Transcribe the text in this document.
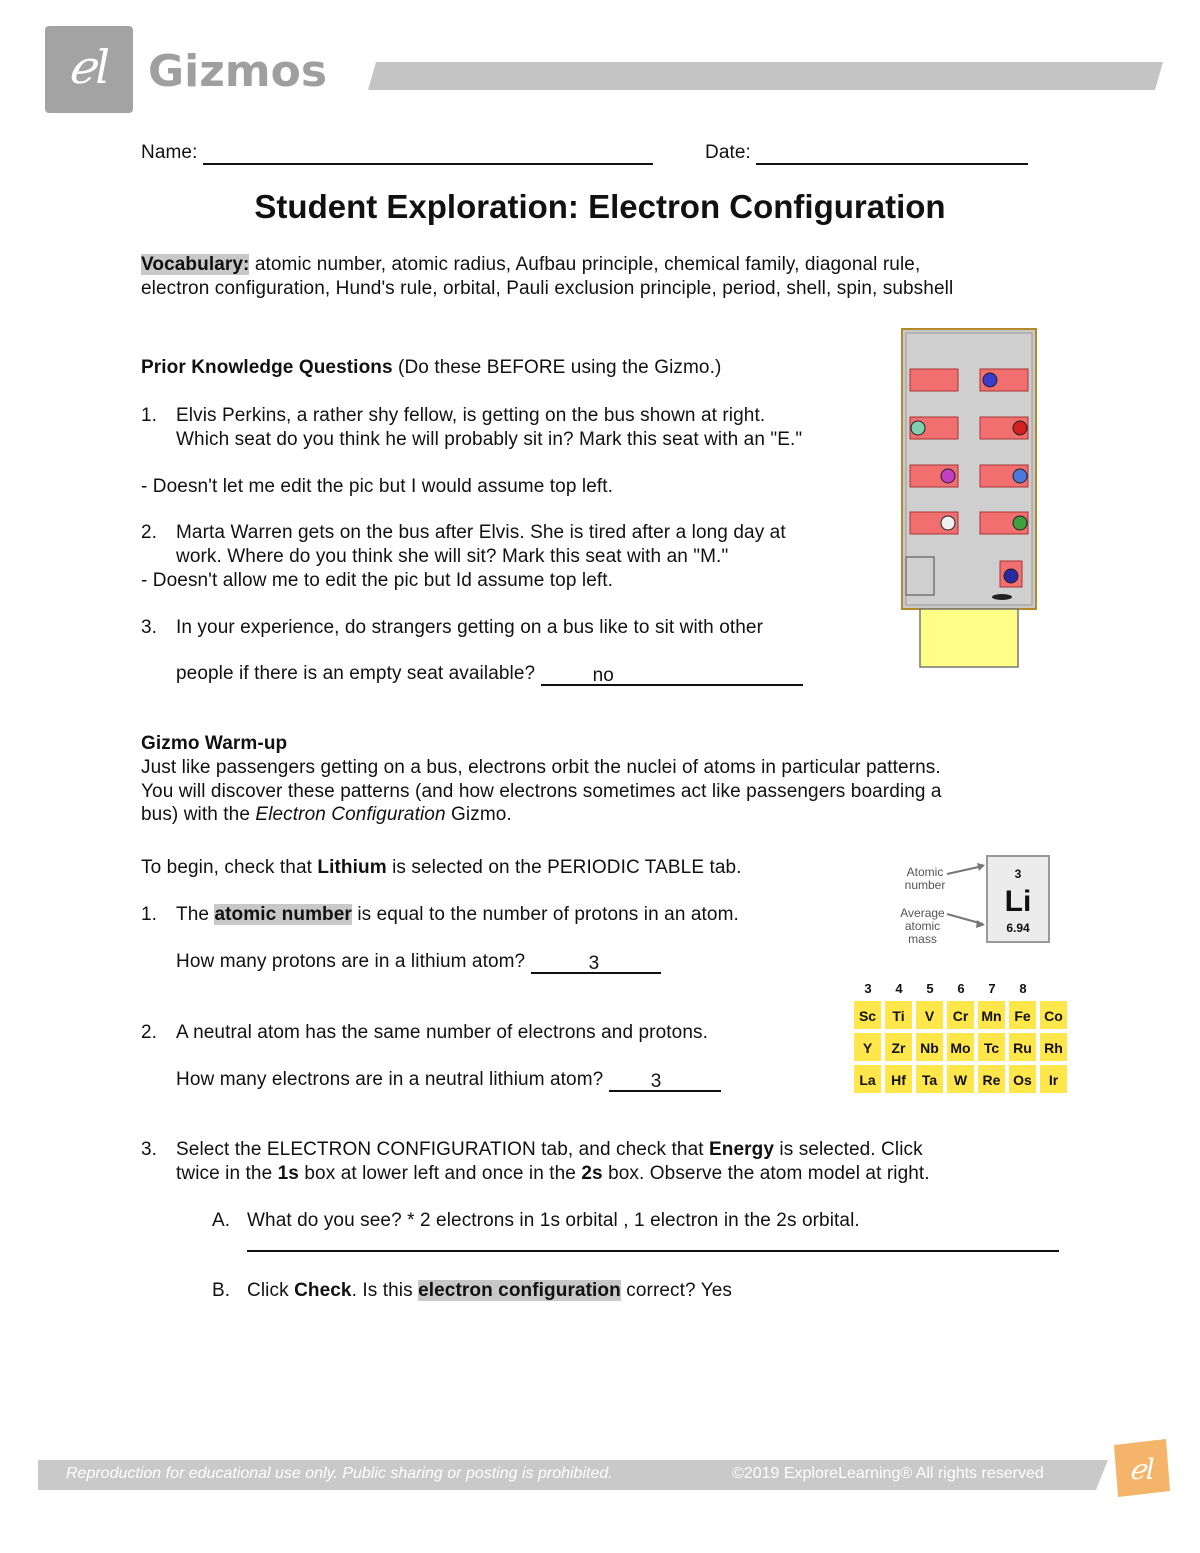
ℯl Gizmos
Name:	Date:
Student Exploration: Electron Configuration
Vocabulary: atomic number, atomic radius, Aufbau principle, chemical family, diagonal rule,
electron configuration, Hund's rule, orbital, Pauli exclusion principle, period, shell, spin, subshell
Prior Knowledge Questions (Do these BEFORE using the Gizmo.)
1. Elvis Perkins, a rather shy fellow, is getting on the bus shown at right.
Which seat do you think he will probably sit in? Mark this seat with an "E."
- Doesn't let me edit the pic but I would assume top left.
2. Marta Warren gets on the bus after Elvis. She is tired after a long day at
work. Where do you think she will sit? Mark this seat with an "M."
- Doesn't allow me to edit the pic but Id assume top left.
3. In your experience, do strangers getting on a bus like to sit with other
people if there is an empty seat available?	no
Gizmo Warm-up
Just like passengers getting on a bus, electrons orbit the nuclei of atoms in particular patterns.
You will discover these patterns (and how electrons sometimes act like passengers boarding a
bus) with the Electron Configuration Gizmo.
To begin, check that Lithium is selected on the PERIODIC TABLE tab.
1. The atomic number is equal to the number of protons in an atom.
How many protons are in a lithium atom?	3
2. A neutral atom has the same number of electrons and protons.
How many electrons are in a neutral lithium atom? 3
3. Select the ELECTRON CONFIGURATION tab, and check that Energy is selected. Click
twice in the 1s box at lower left and once in the 2s box. Observe the atom model at right.
A. What do you see? * 2 electrons in 1s orbital , 1 electron in the 2s orbital.
B. Click Check. Is this electron configuration correct? Yes
Atomic number
Average atomic mass
3
Li
6.94
3	4	5	6	7	8
Sc	Ti	V	Cr Mn Fe Co
Y	Zr	Nb Mo Tc	Ru Rh
La	Hf	Ta	W	Re Os	Ir
Reproduction for educational use only. Public sharing or posting is prohibited.	©2019 ExploreLearning® All rights reserved	ℯl
